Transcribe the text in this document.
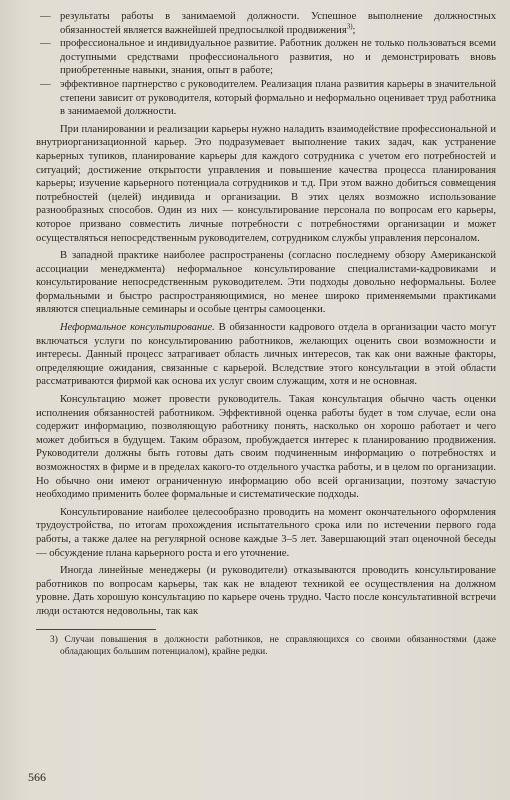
— результаты работы в занимаемой должности. Успешное выполнение должностных обязанностей является важнейшей предпосылкой продвижения$^{3)}$;
— профессиональное и индивидуальное развитие. Работник должен не только пользоваться всеми доступными средствами профессионального развития, но и демонстрировать вновь приобретенные навыки, знания, опыт в работе;
— эффективное партнерство с руководителем. Реализация плана развития карьеры в значительной степени зависит от руководителя, который формально и неформально оценивает труд работника в занимаемой должности.

При планировании и реализации карьеры нужно наладить взаимодействие профессиональной и внутриорганизационной карьер. Это подразумевает выполнение таких задач, как устранение карьерных тупиков, планирование карьеры для каждого сотрудника с учетом его потребностей и ситуаций; достижение открытости управления и повышение качества процесса планирования карьеры; изучение карьерного потенциала сотрудников и т.д. При этом важно добиться совмещения потребностей (целей) индивида и организации. В этих целях возможно использование разнообразных способов. Один из них — консультирование персонала по вопросам его карьеры, которое призвано совместить личные потребности с потребностями организации и может осуществляться непосредственным руководителем, сотрудником службы управления персоналом.

В западной практике наиболее распространены (согласно последнему обзору Американской ассоциации менеджмента) неформальное консультирование специалистами-кадровиками и консультирование непосредственным руководителем. Эти подходы довольно неформальны. Более формальными и быстро распространяющимися, но менее широко применяемыми практиками являются специальные семинары и особые центры самооценки.

Неформальное консультирование. В обязанности кадрового отдела в организации часто могут включаться услуги по консультированию работников, желающих оценить свои возможности и интересы. Данный процесс затрагивает область личных интересов, так как они важные факторы, определяющие ожидания, связанные с карьерой. Вследствие этого консультации в этой области рассматриваются фирмой как основа их услуг своим служащим, хотя и не основная.

Консультацию может провести руководитель. Такая консультация обычно часть оценки исполнения обязанностей работником. Эффективной оценка работы будет в том случае, если она содержит информацию, позволяющую работнику понять, насколько он хорошо работает и чего может добиться в будущем. Таким образом, пробуждается интерес к планированию продвижения. Руководители должны быть готовы дать своим подчиненным информацию о потребностях и возможностях в фирме и в пределах какого-то отдельного участка работы, и в целом по организации. Но обычно они имеют ограниченную информацию обо всей организации, поэтому зачастую необходимо применить более формальные и систематические подходы.

Консультирование наиболее целесообразно проводить на момент окончательного оформления трудоустройства, по итогам прохождения испытательного срока или по истечении первого года работы, а также далее на регулярной основе каждые 3–5 лет. Завершающий этап оценочной беседы — обсуждение плана карьерного роста и его уточнение.

Иногда линейные менеджеры (и руководители) отказываются проводить консультирование работников по вопросам карьеры, так как не владеют техникой ее осуществления на должном уровне. Дать хорошую консультацию по карьере очень трудно. Часто после консультативной встречи люди остаются недовольны, так как

3) Случаи повышения в должности работников, не справляющихся со своими обязанностями (даже обладающих большим потенциалом), крайне редки.
566
